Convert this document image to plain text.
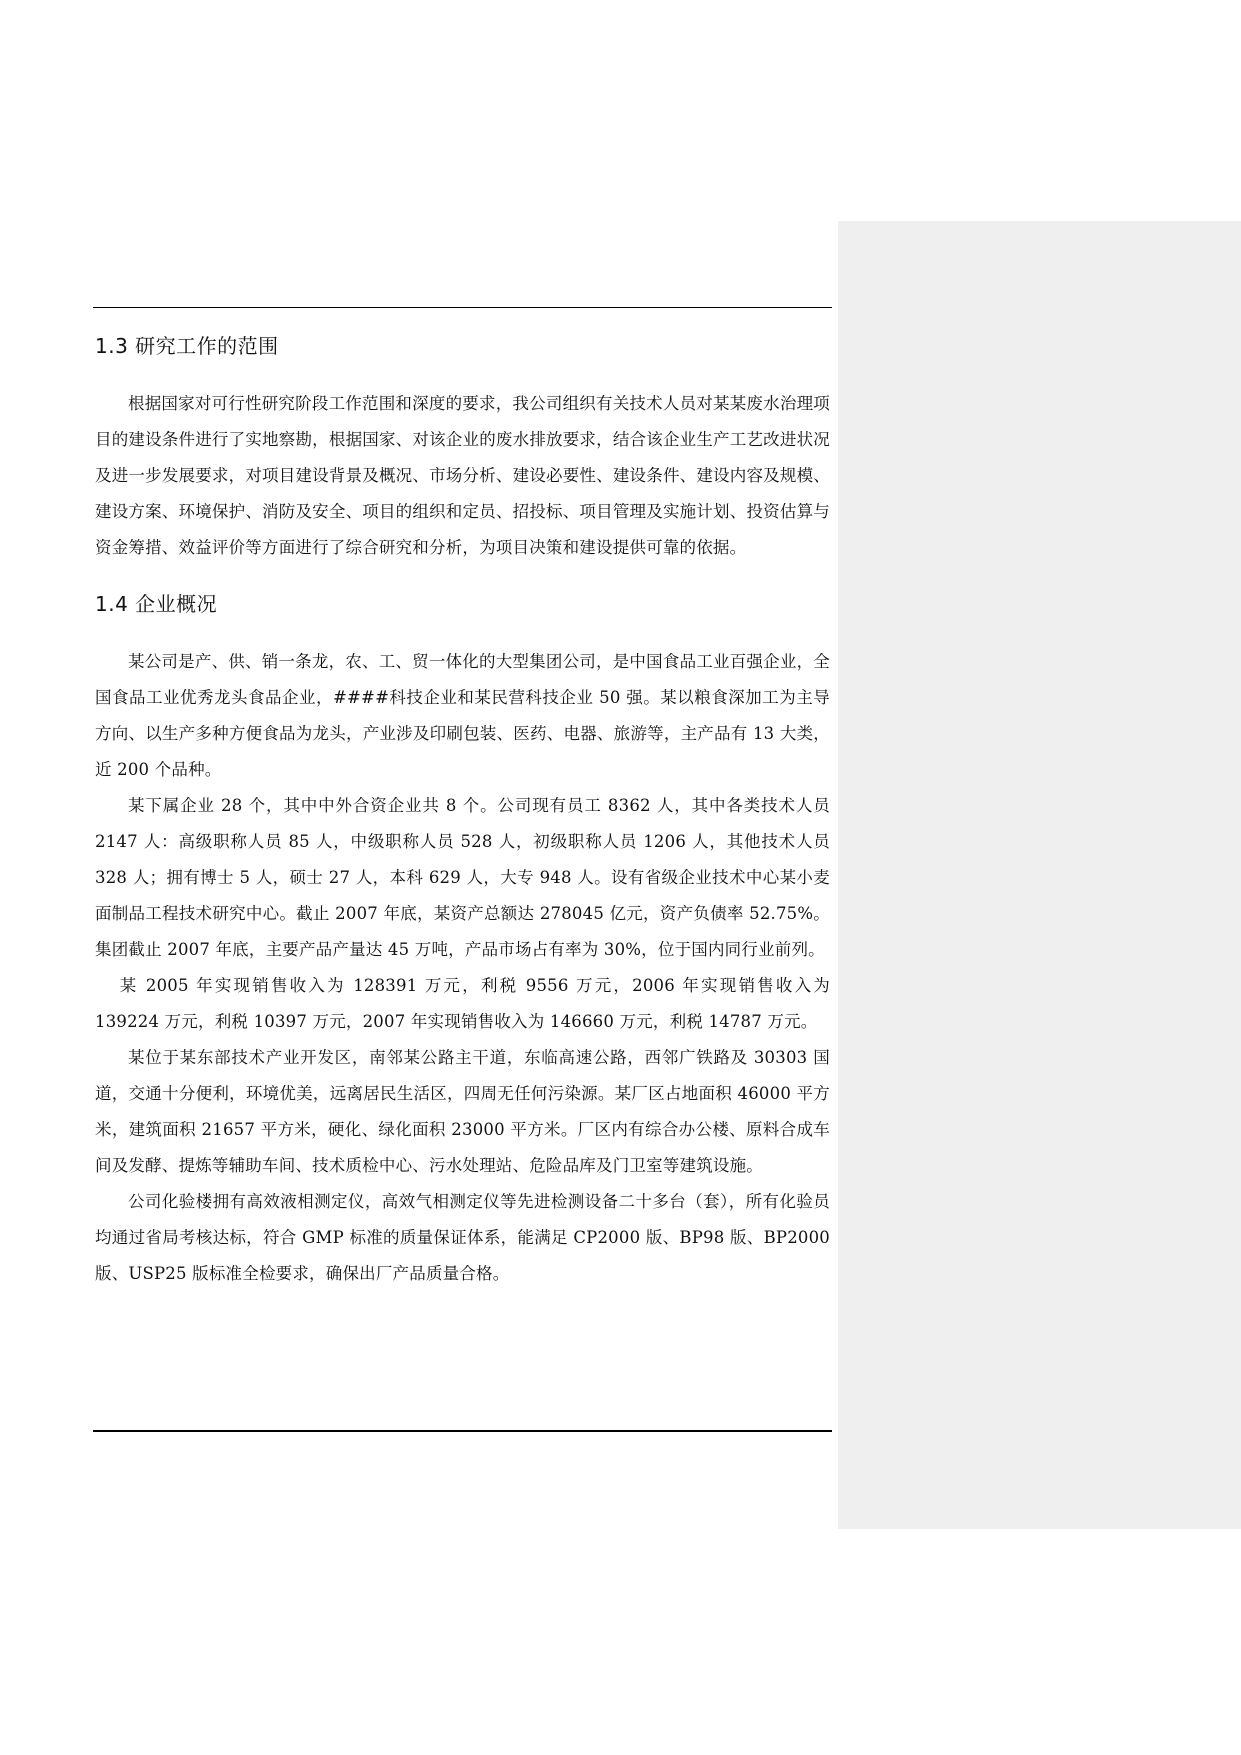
1.3 研究工作的范围

根据国家对可行性研究阶段工作范围和深度的要求，我公司组织有关技术人员对某某废水治理项目的建设条件进行了实地察勘，根据国家、对该企业的废水排放要求，结合该企业生产工艺改进状况及进一步发展要求，对项目建设背景及概况、市场分析、建设必要性、建设条件、建设内容及规模、建设方案、环境保护、消防及安全、项目的组织和定员、招投标、项目管理及实施计划、投资估算与资金筹措、效益评价等方面进行了综合研究和分析，为项目决策和建设提供可靠的依据。

1.4 企业概况

某公司是产、供、销一条龙，农、工、贸一体化的大型集团公司，是中国食品工业百强企业，全国食品工业优秀龙头食品企业，####科技企业和某民营科技企业 50 强。某以粮食深加工为主导方向、以生产多种方便食品为龙头，产业涉及印刷包装、医药、电器、旅游等，主产品有 13 大类，近 200 个品种。

某下属企业 28 个，其中中外合资企业共 8 个。公司现有员工 8362 人，其中各类技术人员 2147 人：高级职称人员 85 人，中级职称人员 528 人，初级职称人员 1206 人，其他技术人员 328 人；拥有博士 5 人，硕士 27 人，本科 629 人，大专 948 人。设有省级企业技术中心某小麦面制品工程技术研究中心。截止 2007 年底，某资产总额达 278045 亿元，资产负债率 52.75%。集团截止 2007 年底，主要产品产量达 45 万吨，产品市场占有率为 30%，位于国内同行业前列。

某 2005 年实现销售收入为 128391 万元，利税 9556 万元，2006 年实现销售收入为 139224 万元，利税 10397 万元，2007 年实现销售收入为 146660 万元，利税 14787 万元。

某位于某东部技术产业开发区，南邻某公路主干道，东临高速公路，西邻广铁路及 30303 国道，交通十分便利，环境优美，远离居民生活区，四周无任何污染源。某厂区占地面积 46000 平方米，建筑面积 21657 平方米，硬化、绿化面积 23000 平方米。厂区内有综合办公楼、原料合成车间及发酵、提炼等辅助车间、技术质检中心、污水处理站、危险品库及门卫室等建筑设施。

公司化验楼拥有高效液相测定仪，高效气相测定仪等先进检测设备二十多台（套），所有化验员均通过省局考核达标，符合 GMP 标准的质量保证体系，能满足 CP2000 版、BP98 版、BP2000 版、USP25 版标准全检要求，确保出厂产品质量合格。
